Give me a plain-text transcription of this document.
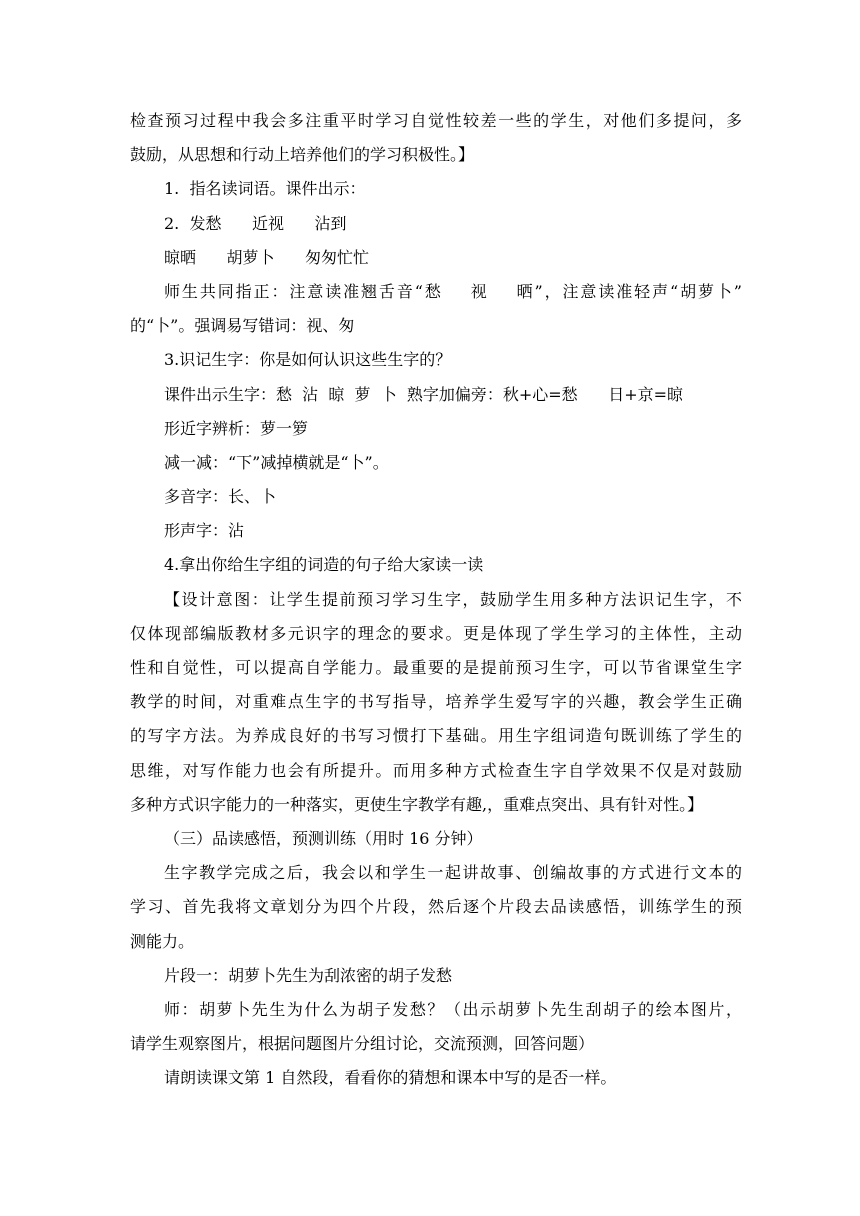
检查预习过程中我会多注重平时学习自觉性较差一些的学生，对他们多提问，多
鼓励，从思想和行动上培养他们的学习积极性。】
1.  指名读词语。课件出示：
2.  发愁      近视      沾到
晾晒      胡萝卜      匆匆忙忙
师生共同指正：注意读准翘舌音“愁    视    晒”，注意读准轻声“胡萝卜”
的“卜”。强调易写错词：视、匆
3.识记生字：你是如何认识这些生字的？
课件出示生字：愁  沾  晾  萝  卜  熟字加偏旁：秋+心=愁      日+京=晾
形近字辨析：萝一箩
减一减：“下”减掉横就是“卜”。
多音字：长、卜
形声字：沾
4.拿出你给生字组的词造的句子给大家读一读
【设计意图：让学生提前预习学习生字，鼓励学生用多种方法识记生字，不
仅体现部编版教材多元识字的理念的要求。更是体现了学生学习的主体性，主动
性和自觉性，可以提高自学能力。最重要的是提前预习生字，可以节省课堂生字
教学的时间，对重难点生字的书写指导，培养学生爱写字的兴趣，教会学生正确
的写字方法。为养成良好的书写习惯打下基础。用生字组词造句既训练了学生的
思维，对写作能力也会有所提升。而用多种方式检查生字自学效果不仅是对鼓励
多种方式识字能力的一种落实，更使生字教学有趣,，重难点突出、具有针对性。】
（三）品读感悟，预测训练（用时 16 分钟）
生字教学完成之后，我会以和学生一起讲故事、创编故事的方式进行文本的
学习、首先我将文章划分为四个片段，然后逐个片段去品读感悟，训练学生的预
测能力。
片段一：胡萝卜先生为刮浓密的胡子发愁
师：胡萝卜先生为什么为胡子发愁？（出示胡萝卜先生刮胡子的绘本图片，
请学生观察图片，根据问题图片分组讨论，交流预测，回答问题）
请朗读课文第 1 自然段，看看你的猜想和课本中写的是否一样。
